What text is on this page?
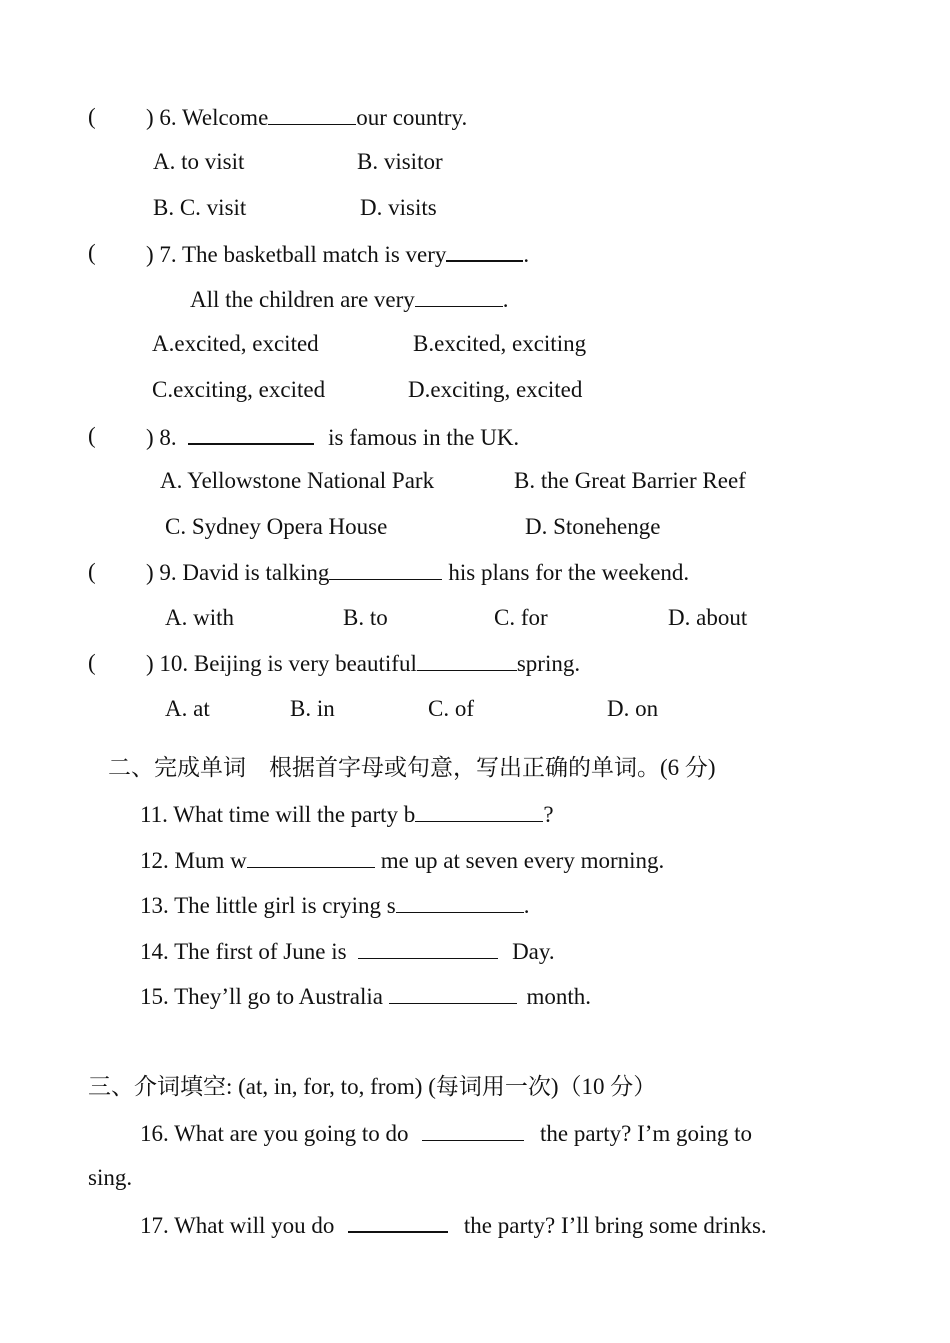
( ) 6. Welcome	our country.
A. to visit	B. visitor
B. C. visit	D. visits
( ) 7. The basketball match is very	.
All the children are very	.
A.excited, excited	B.excited, exciting
C.exciting, excited	D.exciting, excited
( ) 8.	is famous in the UK.
A. Yellowstone National Park	B. the Great Barrier Reef
C. Sydney Opera House	D. Stonehenge
( ) 9. David is talking	his plans for the weekend.
A. with	B. to	C. for	D. about
( ) 10. Beijing is very beautiful	spring.
A. at	B. in	C. of	D. on
二、完成单词　根据首字母或句意，写出正确的单词。(6 分)
11. What time will the party b	?
12. Mum w	me up at seven every morning.
13. The little girl is crying s	.
14. The first of June is	Day.
15. They’ll go to Australia	month.
三、介词填空: (at, in, for, to, from) (每词用一次)（10 分）
16. What are you going to do	the party? I’m going to
sing.
17. What will you do	the party? I’ll bring some drinks.
